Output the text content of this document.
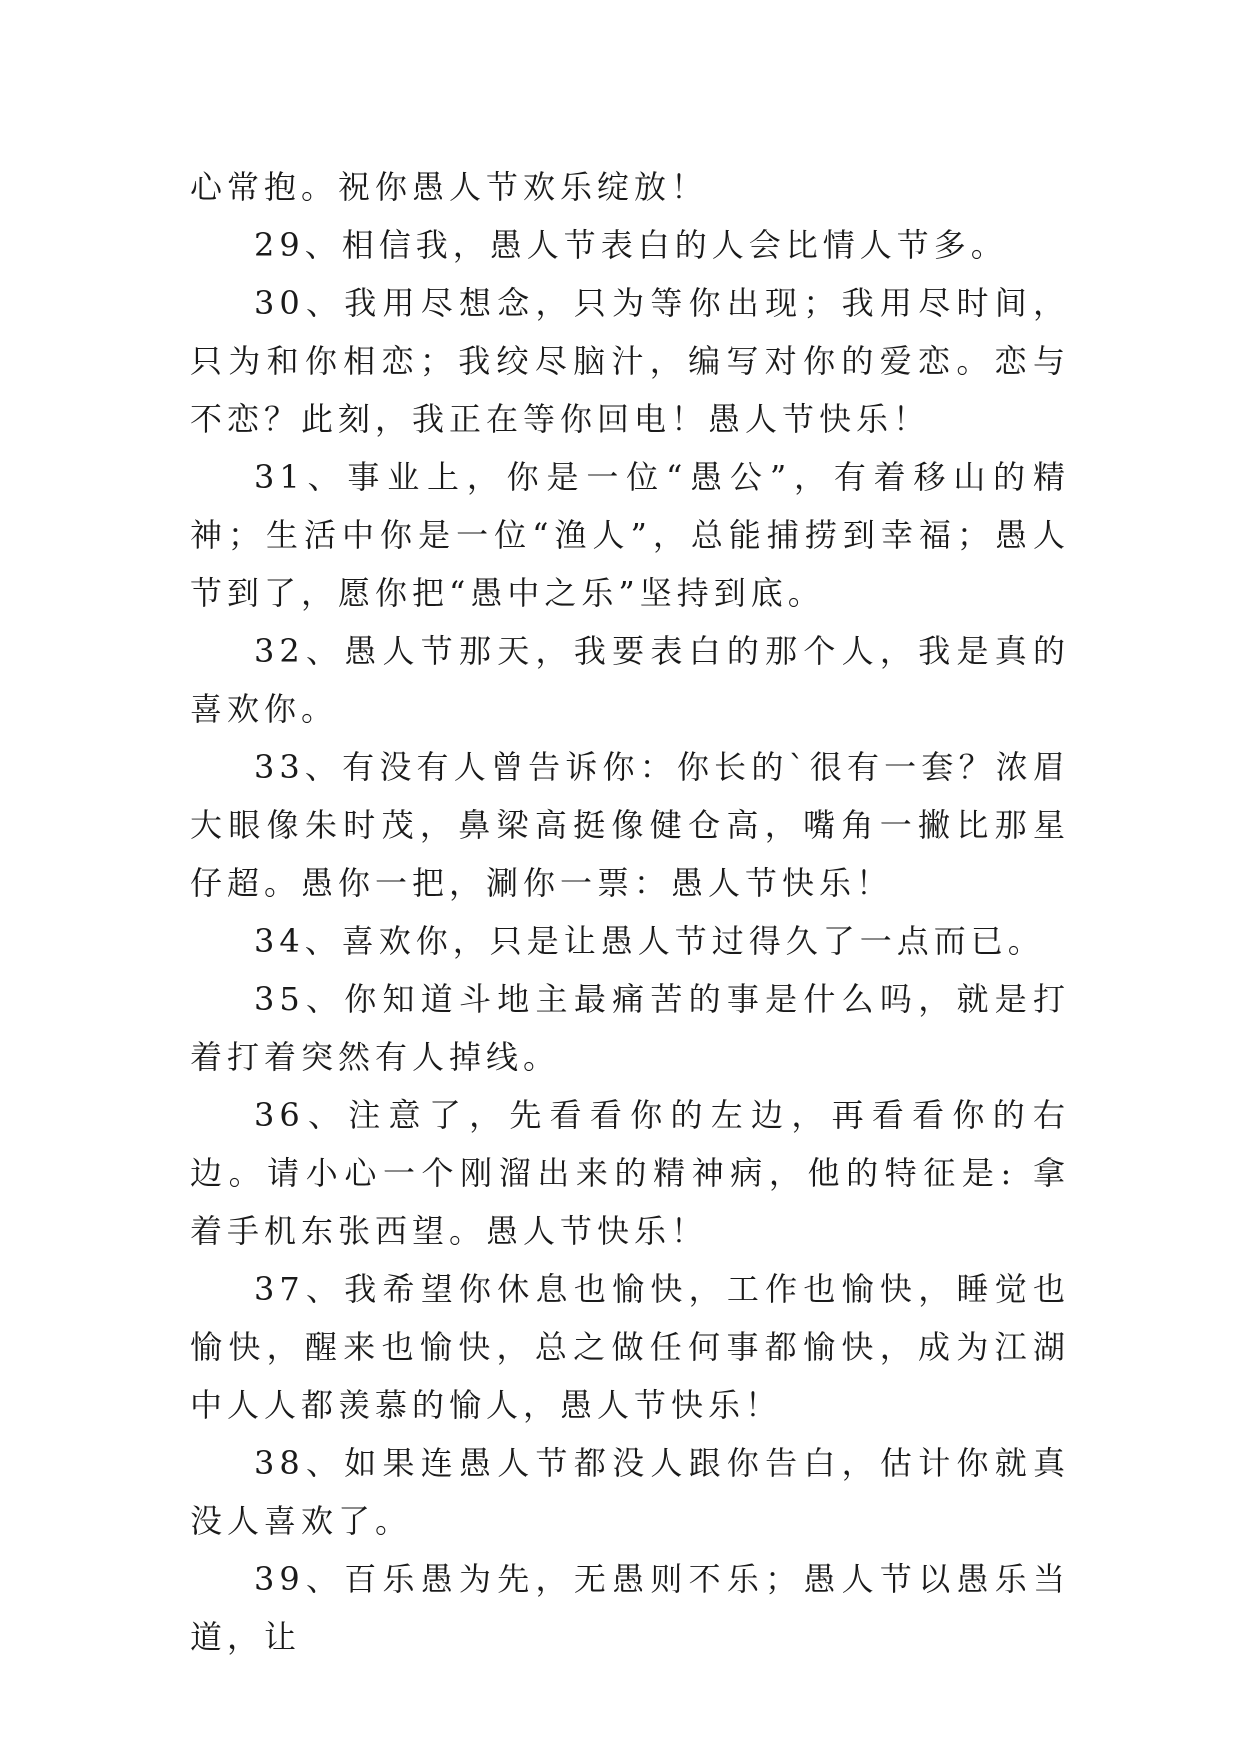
心常抱。祝你愚人节欢乐绽放！

29、相信我，愚人节表白的人会比情人节多。

30、我用尽想念，只为等你出现；我用尽时间，只为和你相恋；我绞尽脑汁，编写对你的爱恋。恋与不恋？此刻，我正在等你回电！愚人节快乐！

31、事业上，你是一位“愚公”，有着移山的精神；生活中你是一位“渔人”，总能捕捞到幸福；愚人节到了，愿你把“愚中之乐”坚持到底。

32、愚人节那天，我要表白的那个人，我是真的喜欢你。

33、有没有人曾告诉你：你长的`很有一套？浓眉大眼像朱时茂，鼻梁高挺像健仓高，嘴角一撇比那星仔超。愚你一把，涮你一票：愚人节快乐！

34、喜欢你，只是让愚人节过得久了一点而已。

35、你知道斗地主最痛苦的事是什么吗，就是打着打着突然有人掉线。

36、注意了，先看看你的左边，再看看你的右边。请小心一个刚溜出来的精神病，他的特征是: 拿着手机东张西望。愚人节快乐！

37、我希望你休息也愉快，工作也愉快，睡觉也愉快，醒来也愉快，总之做任何事都愉快，成为江湖中人人都羡慕的愉人，愚人节快乐！

38、如果连愚人节都没人跟你告白，估计你就真没人喜欢了。

39、百乐愚为先，无愚则不乐；愚人节以愚乐当道，让
